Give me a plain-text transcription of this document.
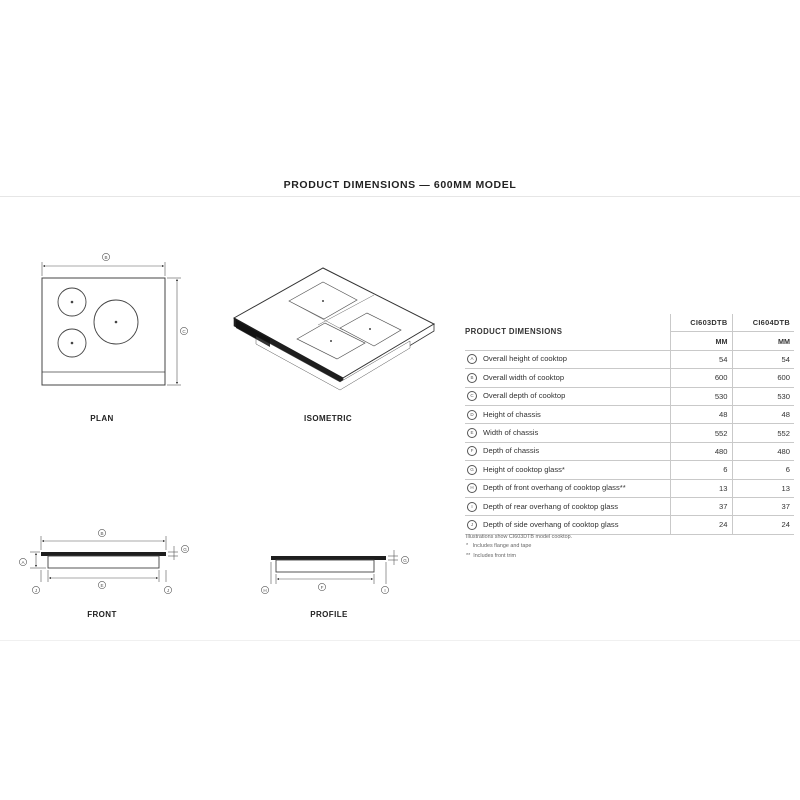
PRODUCT DIMENSIONS — 600MM MODEL
B
C
B
A
G
E
J	J
G
F
H	I
PLAN	ISOMETRIC
FRONT	PROFILE
PRODUCT DIMENSIONS	CI603DTB	CI604DTB
	MM	MM
A Overall height of cooktop	54	54
B Overall width of cooktop	600	600
C Overall depth of cooktop	530	530
D Height of chassis	48	48
E Width of chassis	552	552
F Depth of chassis	480	480
G Height of cooktop glass*	6	6
H Depth of front overhang of cooktop glass**	13	13
I Depth of rear overhang of cooktop glass	37	37
J Depth of side overhang of cooktop glass	24	24
Illustrations show CI603DTB model cooktop.
*   Includes flange and tape
**  Includes front trim
